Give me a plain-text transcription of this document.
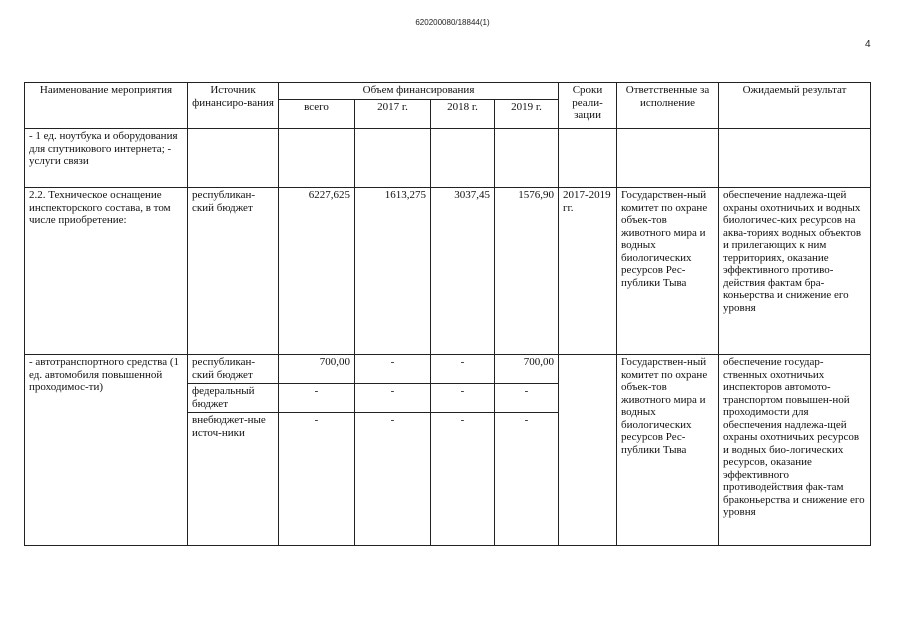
620200080/18844(1)
4
Наименование мероприятия	Источник финансиро-вания	Объем финансирования				Сроки реали-зации	Ответственные за исполнение	Ожидаемый результат
		всего	2017 г.	2018 г.	2019 г.			
- 1 ед. ноутбука и оборудования для спутникового интернета; - услуги связи								
2.2. Техническое оснащение инспекторского состава, в том числе приобретение:	республикан-ский бюджет	6227,625	1613,275	3037,45	1576,90	2017-2019 гг.	Государствен-ный комитет по охране объек-тов животного мира и водных биологических ресурсов Рес-публики Тыва	обеспечение надлежа-щей охраны охотничьих и водных биологичес-ких ресурсов на аква-ториях водных объектов и прилегающих к ним территориях, оказание эффективного противо-действия фактам бра-коньерства и снижение его уровня
- автотранспортного средства (1 ед. автомобиля повышенной проходимос-ти)	республикан-ский бюджет	700,00	-	-	700,00		Государствен-ный комитет по охране объек-тов животного мира и водных биологических ресурсов Рес-публики Тыва	обеспечение государ-ственных охотничьих инспекторов автомото-транспортом повышен-ной проходимости для обеспечения надлежа-щей охраны охотничьих ресурсов и водных био-логических ресурсов, оказание эффективного противодействия фак-там браконьерства и снижение его уровня
	федеральный бюджет	-	-	-	-			
	внебюджет-ные источ-ники	-	-	-	-			
